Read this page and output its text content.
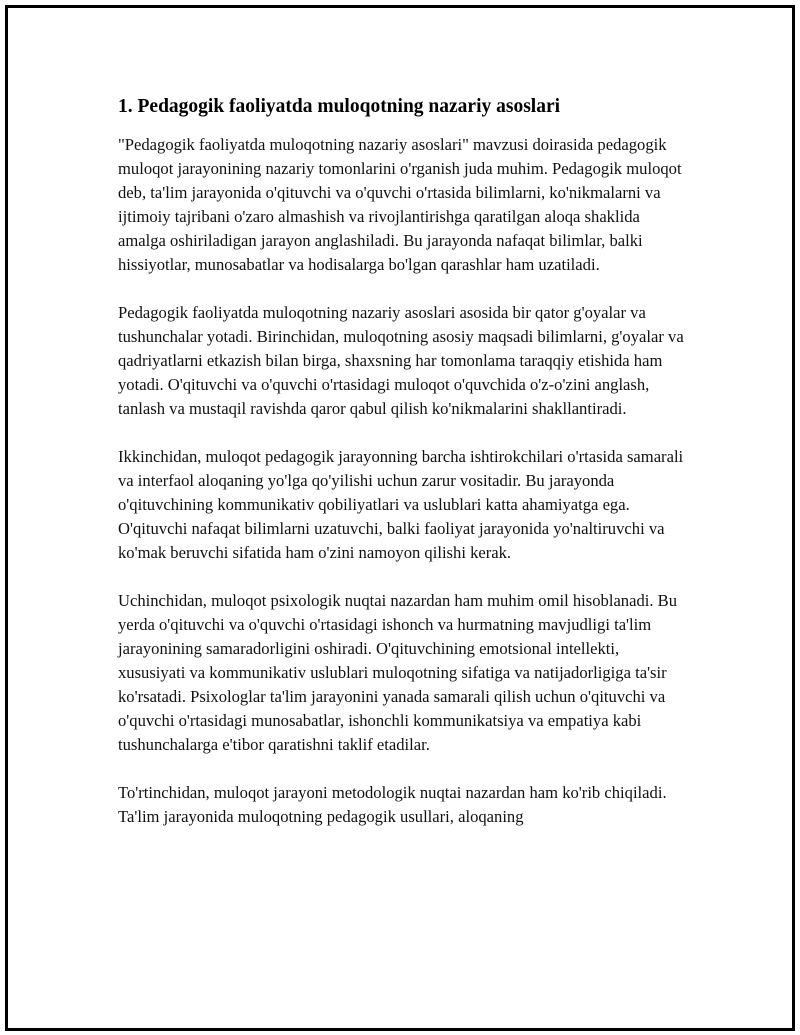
1. Pedagogik faoliyatda muloqotning nazariy asoslari

"Pedagogik faoliyatda muloqotning nazariy asoslari" mavzusi doirasida pedagogik muloqot jarayonining nazariy tomonlarini o'rganish juda muhim. Pedagogik muloqot deb, ta'lim jarayonida o'qituvchi va o'quvchi o'rtasida bilimlarni, ko'nikmalarni va ijtimoiy tajribani o'zaro almashish va rivojlantirishga qaratilgan aloqa shaklida amalga oshiriladigan jarayon anglashiladi. Bu jarayonda nafaqat bilimlar, balki hissiyotlar, munosabatlar va hodisalarga bo'lgan qarashlar ham uzatiladi.

Pedagogik faoliyatda muloqotning nazariy asoslari asosida bir qator g'oyalar va tushunchalar yotadi. Birinchidan, muloqotning asosiy maqsadi bilimlarni, g'oyalar va qadriyatlarni etkazish bilan birga, shaxsning har tomonlama taraqqiy etishida ham yotadi. O'qituvchi va o'quvchi o'rtasidagi muloqot o'quvchida o'z-o'zini anglash, tanlash va mustaqil ravishda qaror qabul qilish ko'nikmalarini shakllantiradi.

Ikkinchidan, muloqot pedagogik jarayonning barcha ishtirokchilari o'rtasida samarali va interfaol aloqaning yo'lga qo'yilishi uchun zarur vositadir. Bu jarayonda o'qituvchining kommunikativ qobiliyatlari va uslublari katta ahamiyatga ega. O'qituvchi nafaqat bilimlarni uzatuvchi, balki faoliyat jarayonida yo'naltiruvchi va ko'mak beruvchi sifatida ham o'zini namoyon qilishi kerak.

Uchinchidan, muloqot psixologik nuqtai nazardan ham muhim omil hisoblanadi. Bu yerda o'qituvchi va o'quvchi o'rtasidagi ishonch va hurmatning mavjudligi ta'lim jarayonining samaradorligini oshiradi. O'qituvchining emotsional intellekti, xususiyati va kommunikativ uslublari muloqotning sifatiga va natijadorligiga ta'sir ko'rsatadi. Psixologlar ta'lim jarayonini yanada samarali qilish uchun o'qituvchi va o'quvchi o'rtasidagi munosabatlar, ishonchli kommunikatsiya va empatiya kabi tushunchalarga e'tibor qaratishni taklif etadilar.

To'rtinchidan, muloqot jarayoni metodologik nuqtai nazardan ham ko'rib chiqiladi. Ta'lim jarayonida muloqotning pedagogik usullari, aloqaning
